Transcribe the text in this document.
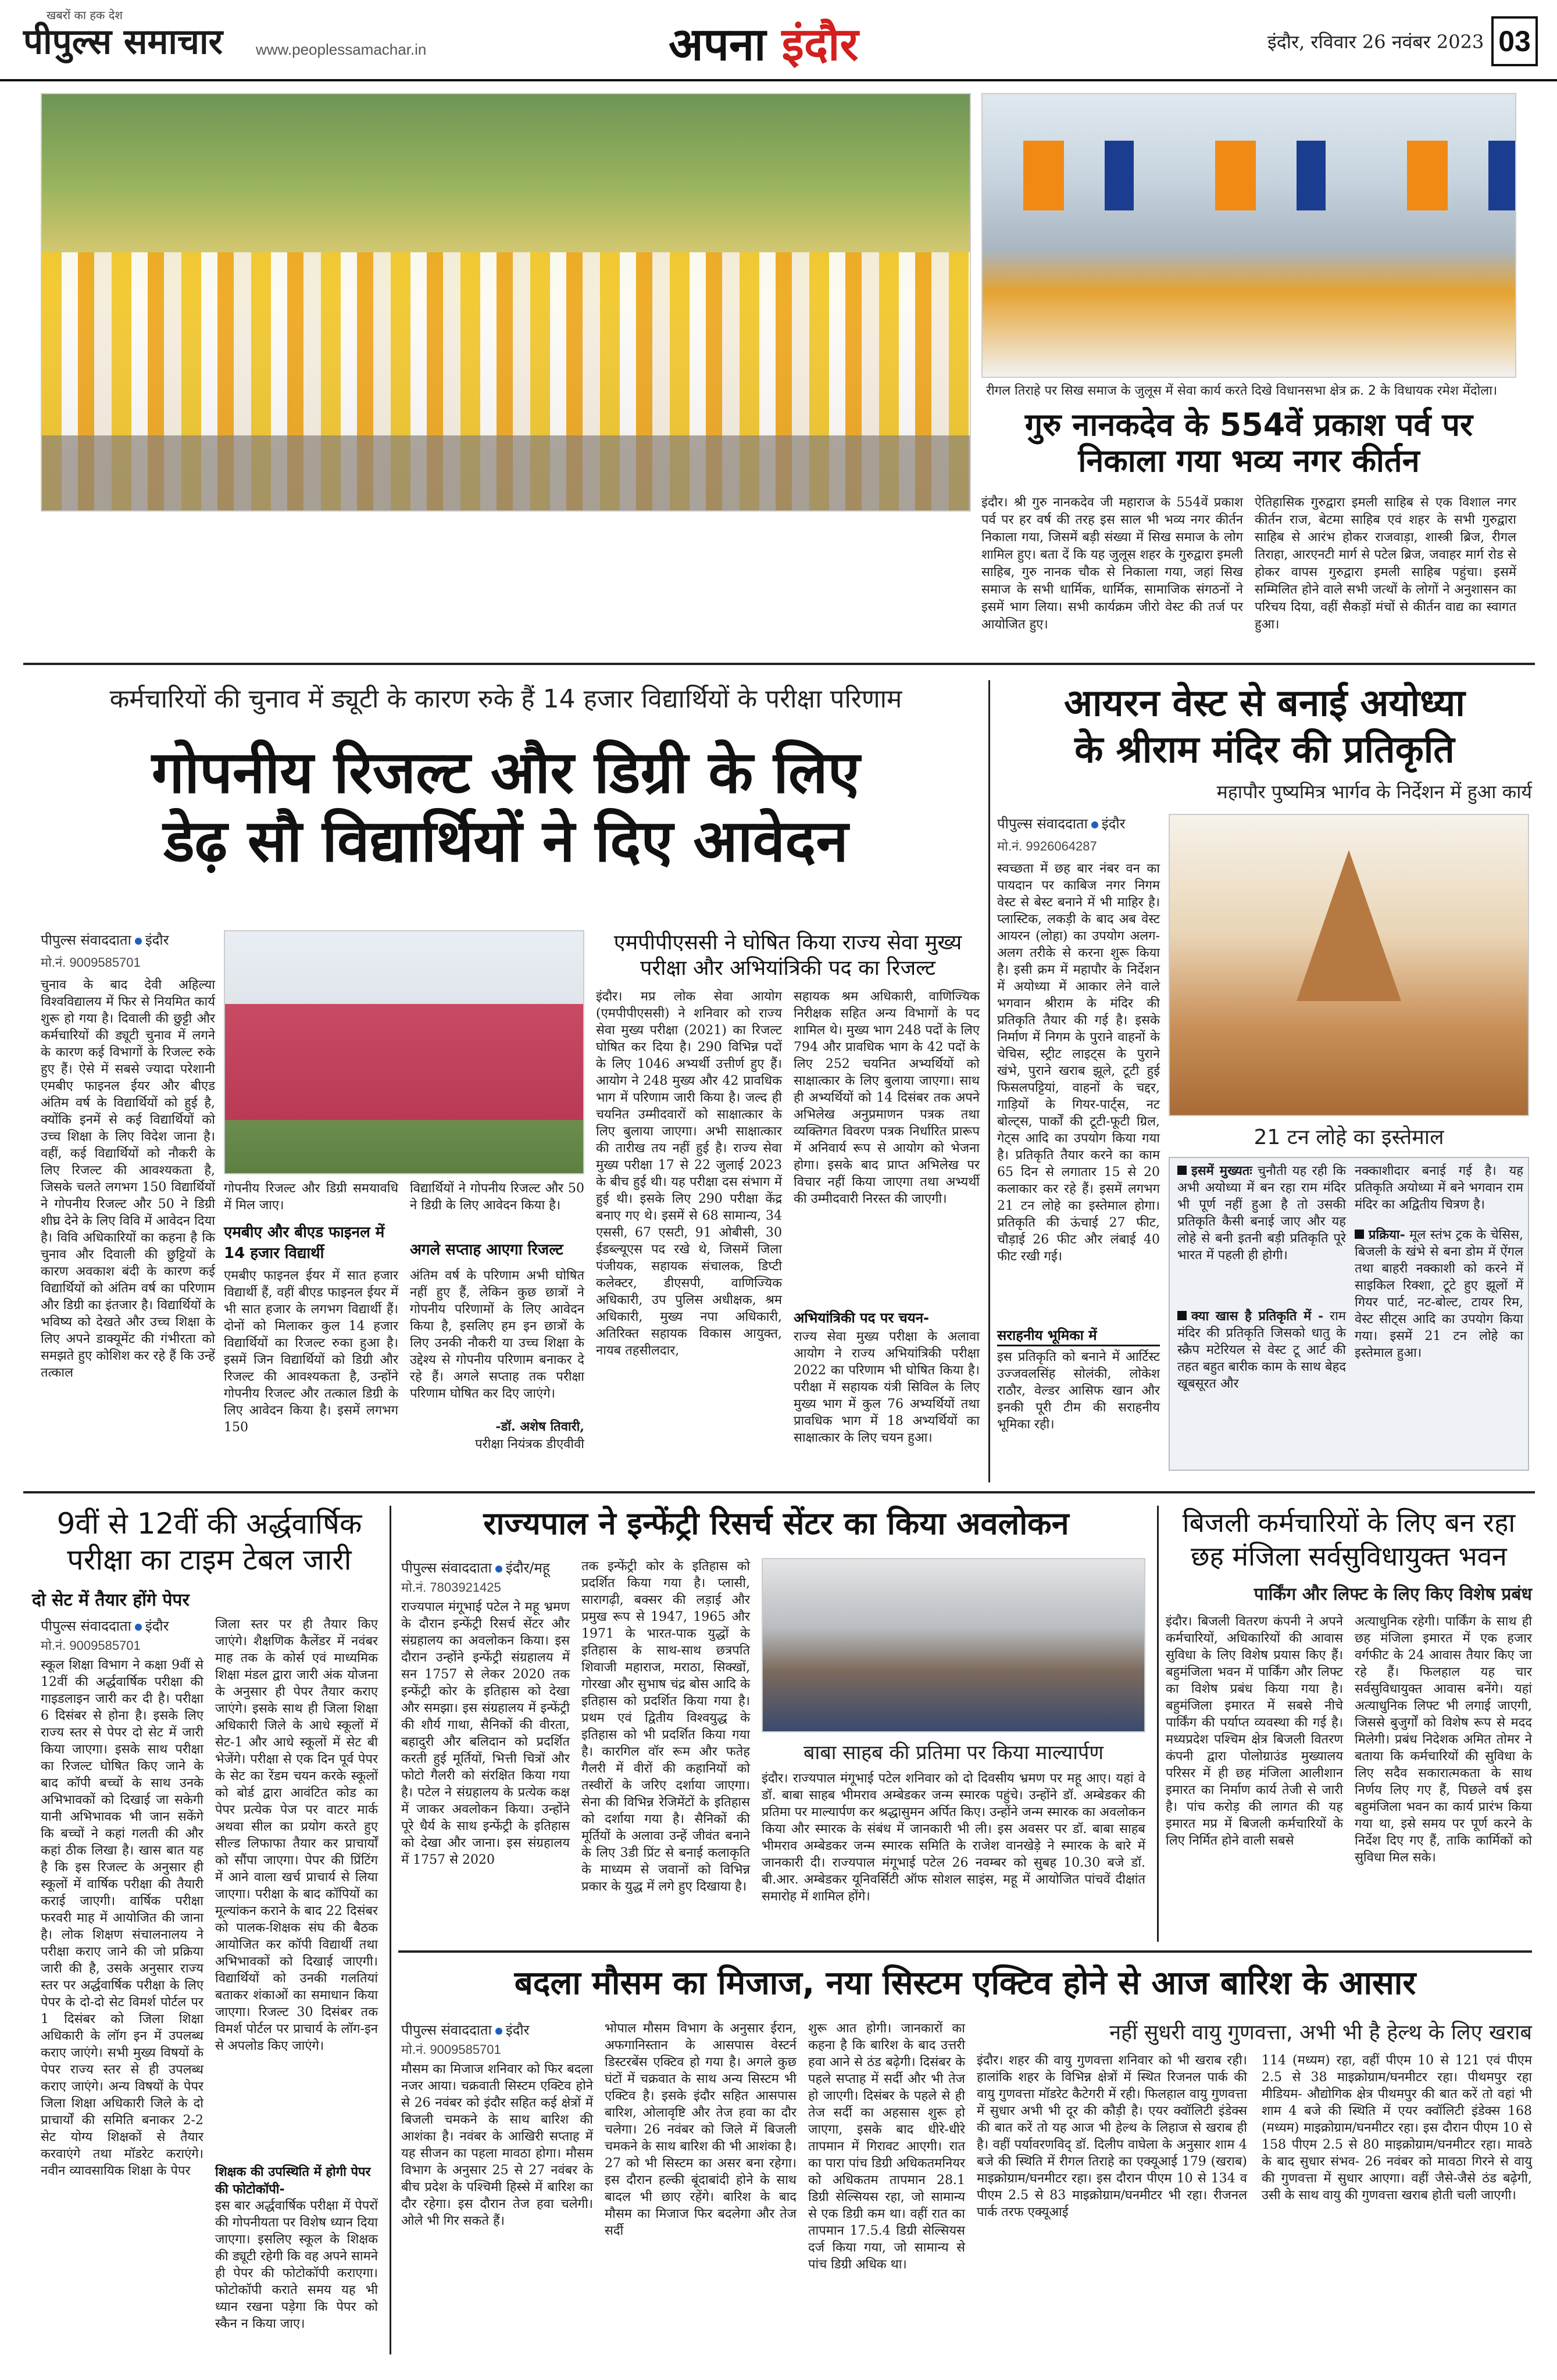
खबरों का हक देश
पीपुल्स समाचार www.peoplessamachar.in	अपना इंदौर	इंदौर, रविवार 26 नवंबर 2023 03
रीगल तिराहे पर सिख समाज के जुलूस में सेवा कार्य करते दिखे विधानसभा क्षेत्र क्र. 2 के विधायक रमेश मेंदोला।
गुरु नानकदेव के 554वें प्रकाश पर्व पर
निकाला गया भव्य नगर कीर्तन
इंदौर। श्री गुरु नानकदेव जी महाराज के 554वें प्रकाश पर्व पर हर वर्ष की तरह इस साल भी भव्य नगर कीर्तन निकाला गया, जिसमें बड़ी संख्या में सिख समाज के लोग शामिल हुए। बता दें कि यह जुलूस शहर के गुरुद्वारा इमली साहिब, गुरु नानक चौक से निकाला गया, जहां सिख समाज के सभी धार्मिक, धार्मिक, सामाजिक संगठनों ने इसमें भाग लिया। सभी कार्यक्रम जीरो वेस्ट की तर्ज पर आयोजित हुए।
ऐतिहासिक गुरुद्वारा इमली साहिब से एक विशाल नगर कीर्तन राज, बेटमा साहिब एवं शहर के सभी गुरुद्वारा साहिब से आरंभ होकर राजवाड़ा, शास्त्री ब्रिज, रीगल तिराहा, आरएनटी मार्ग से पटेल ब्रिज, जवाहर मार्ग रोड से होकर वापस गुरुद्वारा इमली साहिब पहुंचा। इसमें सम्मिलित होने वाले सभी जत्थों के लोगों ने अनुशासन का परिचय दिया, वहीं सैकड़ों मंचों से कीर्तन वाद्य का स्वागत हुआ।
कर्मचारियों की चुनाव में ड्यूटी के कारण रुके हैं 14 हजार विद्यार्थियों के परीक्षा परिणाम
गोपनीय रिजल्ट और डिग्री के लिए
डेढ़ सौ विद्यार्थियों ने दिए आवेदन
पीपुल्स संवाददाता इंदौर
मो.नं. 9009585701
चुनाव के बाद देवी अहिल्या विश्वविद्यालय में फिर से नियमित कार्य शुरू हो गया है। दिवाली की छुट्टी और कर्मचारियों की ड्यूटी चुनाव में लगने के कारण कई विभागों के रिजल्ट रुके हुए हैं। ऐसे में सबसे ज्यादा परेशानी एमबीए फाइनल ईयर और बीएड अंतिम वर्ष के विद्यार्थियों को हुई है, क्योंकि इनमें से कई विद्यार्थियों को उच्च शिक्षा के लिए विदेश जाना है। वहीं, कई विद्यार्थियों को नौकरी के लिए रिजल्ट की आवश्यकता है, जिसके चलते लगभग 150 विद्यार्थियों ने गोपनीय रिजल्ट और 50 ने डिग्री शीघ्र देने के लिए विवि में आवेदन दिया है। विवि अधिकारियों का कहना है कि चुनाव और दिवाली की छुट्टियों के कारण अवकाश बंदी के कारण कई विद्यार्थियों को अंतिम वर्ष का परिणाम और डिग्री का इंतजार है। विद्यार्थियों के भविष्य को देखते और उच्च शिक्षा के लिए अपने डाक्यूमेंट की गंभीरता को समझते हुए कोशिश कर रहे हैं कि उन्हें तत्काल
गोपनीय रिजल्ट और डिग्री समयावधि में मिल जाए।
एमबीए और बीएड फाइनल में 14 हजार विद्यार्थी
एमबीए फाइनल ईयर में सात हजार विद्यार्थी हैं, वहीं बीएड फाइनल ईयर में भी सात हजार के लगभग विद्यार्थी हैं। दोनों को मिलाकर कुल 14 हजार विद्यार्थियों का रिजल्ट रुका हुआ है। इसमें जिन विद्यार्थियों को डिग्री और रिजल्ट की आवश्यकता है, उन्होंने गोपनीय रिजल्ट और तत्काल डिग्री के लिए आवेदन किया है। इसमें लगभग 150
विद्यार्थियों ने गोपनीय रिजल्ट और 50 ने डिग्री के लिए आवेदन किया है।
अगले सप्ताह आएगा रिजल्ट
अंतिम वर्ष के परिणाम अभी घोषित नहीं हुए हैं, लेकिन कुछ छात्रों ने गोपनीय परिणामों के लिए आवेदन किया है, इसलिए हम इन छात्रों के लिए उनकी नौकरी या उच्च शिक्षा के उद्देश्य से गोपनीय परिणाम बनाकर दे रहे हैं। अगले सप्ताह तक परीक्षा परिणाम घोषित कर दिए जाएंगे।
-डॉ. अशेष तिवारी,
परीक्षा नियंत्रक डीएवीवी
एमपीपीएससी ने घोषित किया राज्य सेवा मुख्य
परीक्षा और अभियांत्रिकी पद का रिजल्ट
इंदौर। मप्र लोक सेवा आयोग (एमपीपीएससी) ने शनिवार को राज्य सेवा मुख्य परीक्षा (2021) का रिजल्ट घोषित कर दिया है। 290 विभिन्न पदों के लिए 1046 अभ्यर्थी उत्तीर्ण हुए हैं। आयोग ने 248 मुख्य और 42 प्रावधिक भाग में परिणाम जारी किया है। जल्द ही चयनित उम्मीदवारों को साक्षात्कार के लिए बुलाया जाएगा। अभी साक्षात्कार की तारीख तय नहीं हुई है। राज्य सेवा मुख्य परीक्षा 17 से 22 जुलाई 2023 के बीच हुई थी। यह परीक्षा दस संभाग में हुई थी। इसके लिए 290 परीक्षा केंद्र बनाए गए थे। इसमें से 68 सामान्य, 34 एससी, 67 एसटी, 91 ओबीसी, 30 ईडब्ल्यूएस पद रखे थे, जिसमें जिला पंजीयक, सहायक संचालक, डिप्टी कलेक्टर, डीएसपी, वाणिज्यिक अधिकारी, उप पुलिस अधीक्षक, श्रम अधिकारी, मुख्य नपा अधिकारी, अतिरिक्त सहायक विकास आयुक्त, नायब तहसीलदार,
सहायक श्रम अधिकारी, वाणिज्यिक निरीक्षक सहित अन्य विभागों के पद शामिल थे। मुख्य भाग 248 पदों के लिए 794 और प्रावधिक भाग के 42 पदों के लिए 252 चयनित अभ्यर्थियों को साक्षात्कार के लिए बुलाया जाएगा। साथ ही अभ्यर्थियों को 14 दिसंबर तक अपने अभिलेख अनुप्रमाणन पत्रक तथा व्यक्तिगत विवरण पत्रक निर्धारित प्रारूप में अनिवार्य रूप से आयोग को भेजना होगा। इसके बाद प्राप्त अभिलेख पर विचार नहीं किया जाएगा तथा अभ्यर्थी की उम्मीदवारी निरस्त की जाएगी।
अभियांत्रिकी पद पर चयन-
राज्य सेवा मुख्य परीक्षा के अलावा आयोग ने राज्य अभियांत्रिकी परीक्षा 2022 का परिणाम भी घोषित किया है। परीक्षा में सहायक यंत्री सिविल के लिए मुख्य भाग में कुल 76 अभ्यर्थियों तथा प्रावधिक भाग में 18 अभ्यर्थियों का साक्षात्कार के लिए चयन हुआ।
आयरन वेस्ट से बनाई अयोध्या
के श्रीराम मंदिर की प्रतिकृति
महापौर पुष्यमित्र भार्गव के निर्देशन में हुआ कार्य
पीपुल्स संवाददाता इंदौर
मो.नं. 9926064287
स्वच्छता में छह बार नंबर वन का पायदान पर काबिज नगर निगम वेस्ट से बेस्ट बनाने में भी माहिर है। प्लास्टिक, लकड़ी के बाद अब वेस्ट आयरन (लोहा) का उपयोग अलग-अलग तरीके से करना शुरू किया है। इसी क्रम में महापौर के निर्देशन में अयोध्या में आकार लेने वाले भगवान श्रीराम के मंदिर की प्रतिकृति तैयार की गई है। इसके निर्माण में निगम के पुराने वाहनों के चेचिस, स्ट्रीट लाइट्स के पुराने खंभे, पुराने खराब झूले, टूटी हुई फिसलपट्टियां, वाहनों के चद्दर, गाड़ियों के गियर-पार्ट्स, नट बोल्ट्स, पार्कों की टूटी-फूटी ग्रिल, गेट्स आदि का उपयोग किया गया है। प्रतिकृति तैयार करने का काम 65 दिन से लगातार 15 से 20 कलाकार कर रहे हैं। इसमें लगभग 21 टन लोहे का इस्तेमाल होगा। प्रतिकृति की ऊंचाई 27 फीट, चौड़ाई 26 फीट और लंबाई 40 फीट रखी गई।
सराहनीय भूमिका में
इस प्रतिकृति को बनाने में आर्टिस्ट उज्जवलसिंह सोलंकी, लोकेश राठौर, वेल्डर आसिफ खान और इनकी पूरी टीम की सराहनीय भूमिका रही।
21 टन लोहे का इस्तेमाल
इसमें मुख्यतः चुनौती यह रही कि अभी अयोध्या में बन रहा राम मंदिर भी पूर्ण नहीं हुआ है तो उसकी प्रतिकृति कैसी बनाई जाए और यह लोहे से बनी इतनी बड़ी प्रतिकृति पूरे भारत में पहली ही होगी।
क्या खास है प्रतिकृति में - राम मंदिर की प्रतिकृति जिसको धातु के स्क्रैप मटेरियल से वेस्ट टू आर्ट की तहत बहुत बारीक काम के साथ बेहद खूबसूरत और
नक्काशीदार बनाई गई है। यह प्रतिकृति अयोध्या में बने भगवान राम मंदिर का अद्वितीय चित्रण है।
प्रक्रिया- मूल स्तंभ ट्रक के चेसिस, बिजली के खंभे से बना डोम में ऐंगल तथा बाहरी नक्काशी को करने में साइकिल रिक्शा, टूटे हुए झूलों में गियर पार्ट, नट-बोल्ट, टायर रिम, वेस्ट सीट्स आदि का उपयोग किया गया। इसमें 21 टन लोहे का इस्तेमाल हुआ।
9वीं से 12वीं की अर्द्धवार्षिक
परीक्षा का टाइम टेबल जारी
दो सेट में तैयार होंगे पेपर
पीपुल्स संवाददाता इंदौर
मो.नं. 9009585701
स्कूल शिक्षा विभाग ने कक्षा 9वीं से 12वीं की अर्द्धवार्षिक परीक्षा की गाइडलाइन जारी कर दी है। परीक्षा 6 दिसंबर से होना है। इसके लिए राज्य स्तर से पेपर दो सेट में जारी किया जाएगा। इसके साथ परीक्षा का रिजल्ट घोषित किए जाने के बाद कॉपी बच्चों के साथ उनके अभिभावकों को दिखाई जा सकेगी यानी अभिभावक भी जान सकेंगे कि बच्चों ने कहां गलती की और कहां ठीक लिखा है। खास बात यह है कि इस रिजल्ट के अनुसार ही स्कूलों में वार्षिक परीक्षा की तैयारी कराई जाएगी। वार्षिक परीक्षा फरवरी माह में आयोजित की जाना है। लोक शिक्षण संचालनालय ने परीक्षा कराए जाने की जो प्रक्रिया जारी की है, उसके अनुसार राज्य स्तर पर अर्द्धवार्षिक परीक्षा के लिए पेपर के दो-दो सेट विमर्श पोर्टल पर 1 दिसंबर को जिला शिक्षा अधिकारी के लॉग इन में उपलब्ध कराए जाएंगे। सभी मुख्य विषयों के पेपर राज्य स्तर से ही उपलब्ध कराए जाएंगे। अन्य विषयों के पेपर जिला शिक्षा अधिकारी जिले के दो प्राचार्यों की समिति बनाकर 2-2 सेट योग्य शिक्षकों से तैयार करवाएंगे तथा मॉडरेट कराएंगे। नवीन व्यावसायिक शिक्षा के पेपर
जिला स्तर पर ही तैयार किए जाएंगे। शैक्षणिक कैलेंडर में नवंबर माह तक के कोर्स एवं माध्यमिक शिक्षा मंडल द्वारा जारी अंक योजना के अनुसार ही पेपर तैयार कराए जाएंगे। इसके साथ ही जिला शिक्षा अधिकारी जिले के आधे स्कूलों में सेट-1 और आधे स्कूलों में सेट बी भेजेंगे। परीक्षा से एक दिन पूर्व पेपर के सेट का रेंडम चयन करके स्कूलों को बोर्ड द्वारा आवंटित कोड का पेपर प्रत्येक पेज पर वाटर मार्क अथवा सील का प्रयोग करते हुए सील्ड लिफाफा तैयार कर प्राचार्यों को सौंपा जाएगा। पेपर की प्रिंटिंग में आने वाला खर्च प्राचार्य से लिया जाएगा। परीक्षा के बाद कॉपियों का मूल्यांकन कराने के बाद 22 दिसंबर को पालक-शिक्षक संघ की बैठक आयोजित कर कॉपी विद्यार्थी तथा अभिभावकों को दिखाई जाएगी। विद्यार्थियों को उनकी गलतियां बताकर शंकाओं का समाधान किया जाएगा। रिजल्ट 30 दिसंबर तक विमर्श पोर्टल पर प्राचार्य के लॉग-इन से अपलोड किए जाएंगे।
शिक्षक की उपस्थिति में होगी पेपर की फोटोकॉपी-
इस बार अर्द्धवार्षिक परीक्षा में पेपरों की गोपनीयता पर विशेष ध्यान दिया जाएगा। इसलिए स्कूल के शिक्षक की ड्यूटी रहेगी कि वह अपने सामने ही पेपर की फोटोकॉपी कराएगा। फोटोकॉपी कराते समय यह भी ध्यान रखना पड़ेगा कि पेपर को स्कैन न किया जाए।
राज्यपाल ने इन्फेंट्री रिसर्च सेंटर का किया अवलोकन
पीपुल्स संवाददाता इंदौर/महू
मो.नं. 7803921425
राज्यपाल मंगूभाई पटेल ने महू भ्रमण के दौरान इन्फेंट्री रिसर्च सेंटर और संग्रहालय का अवलोकन किया। इस दौरान उन्होंने इन्फेंट्री संग्रहालय में सन 1757 से लेकर 2020 तक इन्फेंट्री कोर के इतिहास को देखा और समझा। इस संग्रहालय में इन्फेंट्री की शौर्य गाथा, सैनिकों की वीरता, बहादुरी और बलिदान को प्रदर्शित करती हुई मूर्तियों, भित्ती चित्रों और फोटो गैलरी को संरक्षित किया गया है। पटेल ने संग्रहालय के प्रत्येक कक्ष में जाकर अवलोकन किया। उन्होंने पूरे धैर्य के साथ इन्फेंट्री के इतिहास को देखा और जाना। इस संग्रहालय में 1757 से 2020
तक इन्फेंट्री कोर के इतिहास को प्रदर्शित किया गया है। प्लासी, सारागढ़ी, बक्सर की लड़ाई और प्रमुख रूप से 1947, 1965 और 1971 के भारत-पाक युद्धों के इतिहास के साथ-साथ छत्रपति शिवाजी महाराज, मराठा, सिक्खों, गोरखा और सुभाष चंद्र बोस आदि के इतिहास को प्रदर्शित किया गया है। प्रथम एवं द्वितीय विश्वयुद्ध के इतिहास को भी प्रदर्शित किया गया है। कारगिल वॉर रूम और फतेह गैलरी में वीरों की कहानियों को तस्वीरों के जरिए दर्शाया जाएगा। सेना की विभिन्न रेजिमेंटों के इतिहास को दर्शाया गया है। सैनिकों की मूर्तियों के अलावा उन्हें जीवंत बनाने के लिए 3डी प्रिंट से बनाई कलाकृति के माध्यम से जवानों को विभिन्न प्रकार के युद्ध में लगे हुए दिखाया है।
बाबा साहब की प्रतिमा पर किया माल्यार्पण
इंदौर। राज्यपाल मंगूभाई पटेल शनिवार को दो दिवसीय भ्रमण पर महू आए। यहां वे डॉ. बाबा साहब भीमराव अम्बेडकर जन्म स्मारक पहुंचे। उन्होंने डॉ. अम्बेडकर की प्रतिमा पर माल्यार्पण कर श्रद्धासुमन अर्पित किए। उन्होंने जन्म स्मारक का अवलोकन किया और स्मारक के संबंध में जानकारी भी ली। इस अवसर पर डॉ. बाबा साहब भीमराव अम्बेडकर जन्म स्मारक समिति के राजेश वानखेड़े ने स्मारक के बारे में जानकारी दी। राज्यपाल मंगूभाई पटेल 26 नवम्बर को सुबह 10.30 बजे डॉ. बी.आर. अम्बेडकर यूनिवर्सिटी ऑफ सोशल साइंस, महू में आयोजित पांचवें दीक्षांत समारोह में शामिल होंगे।
बिजली कर्मचारियों के लिए बन रहा
छह मंजिला सर्वसुविधायुक्त भवन
पार्किंग और लिफ्ट के लिए किए विशेष प्रबंध
इंदौर। बिजली वितरण कंपनी ने अपने कर्मचारियों, अधिकारियों की आवास सुविधा के लिए विशेष प्रयास किए हैं। बहुमंजिला भवन में पार्किंग और लिफ्ट का विशेष प्रबंध किया गया है। बहुमंजिला इमारत में सबसे नीचे पार्किंग की पर्याप्त व्यवस्था की गई है। मध्यप्रदेश पश्चिम क्षेत्र बिजली वितरण कंपनी द्वारा पोलोग्राउंड मुख्यालय परिसर में ही छह मंजिला आलीशान इमारत का निर्माण कार्य तेजी से जारी है। पांच करोड़ की लागत की यह इमारत मप्र में बिजली कर्मचारियों के लिए निर्मित होने वाली सबसे
अत्याधुनिक रहेगी। पार्किंग के साथ ही छह मंजिला इमारत में एक हजार वर्गफीट के 24 आवास तैयार किए जा रहे हैं। फिलहाल यह चार सर्वसुविधायुक्त आवास बनेंगे। यहां अत्याधुनिक लिफ्ट भी लगाई जाएगी, जिससे बुजुर्गों को विशेष रूप से मदद मिलेगी। प्रबंध निदेशक अमित तोमर ने बताया कि कर्मचारियों की सुविधा के लिए सदैव सकारात्मकता के साथ निर्णय लिए गए हैं, पिछले वर्ष इस बहुमंजिला भवन का कार्य प्रारंभ किया गया था, इसे समय पर पूर्ण करने के निर्देश दिए गए हैं, ताकि कार्मिकों को सुविधा मिल सके।
बदला मौसम का मिजाज, नया सिस्टम एक्टिव होने से आज बारिश के आसार
पीपुल्स संवाददाता इंदौर
मो.नं. 9009585701
मौसम का मिजाज शनिवार को फिर बदला नजर आया। चक्रवाती सिस्टम एक्टिव होने से 26 नवंबर को इंदौर सहित कई क्षेत्रों में बिजली चमकने के साथ बारिश की आशंका है। नवंबर के आखिरी सप्ताह में यह सीजन का पहला मावठा होगा। मौसम विभाग के अनुसार 25 से 27 नवंबर के बीच प्रदेश के पश्चिमी हिस्से में बारिश का दौर रहेगा। इस दौरान तेज हवा चलेगी। ओले भी गिर सकते हैं।
भोपाल मौसम विभाग के अनुसार ईरान, अफगानिस्तान के आसपास वेस्टर्न डिस्टरबेंस एक्टिव हो गया है। अगले कुछ घंटों में चक्रवात के साथ अन्य सिस्टम भी एक्टिव है। इसके इंदौर सहित आसपास बारिश, ओलावृष्टि और तेज हवा का दौर चलेगा। 26 नवंबर को जिले में बिजली चमकने के साथ बारिश की भी आशंका है। 27 को भी सिस्टम का असर बना रहेगा। इस दौरान हल्की बूंदाबांदी होने के साथ बादल भी छाए रहेंगे। बारिश के बाद मौसम का मिजाज फिर बदलेगा और तेज सर्दी
शुरू आत होगी। जानकारों का कहना है कि बारिश के बाद उत्तरी हवा आने से ठंड बढ़ेगी। दिसंबर के पहले सप्ताह में सर्दी और भी तेज हो जाएगी। दिसंबर के पहले से ही तेज सर्दी का अहसास शुरू हो जाएगा, इसके बाद धीरे-धीरे तापमान में गिरावट आएगी। रात का पारा पांच डिग्री अधिकतमनियर को अधिकतम तापमान 28.1 डिग्री सेल्सियस रहा, जो सामान्य से एक डिग्री कम था। वहीं रात का तापमान 17.5.4 डिग्री सेल्सियस दर्ज किया गया, जो सामान्य से पांच डिग्री अधिक था।
नहीं सुधरी वायु गुणवत्ता, अभी भी है हेल्थ के लिए खराब
इंदौर। शहर की वायु गुणवत्ता शनिवार को भी खराब रही। हालांकि शहर के विभिन्न क्षेत्रों में स्थित रिजनल पार्क की वायु गुणवत्ता मॉडरेट कैटेगरी में रही। फिलहाल वायु गुणवत्ता में सुधार अभी भी दूर की कौड़ी है। एयर क्वॉलिटी इंडेक्स की बात करें तो यह आज भी हेल्थ के लिहाज से खराब ही है। वहीं पर्यावरणविद् डॉ. दिलीप वाघेला के अनुसार शाम 4 बजे की स्थिति में रीगल तिराहे का एक्यूआई 179 (खराब) माइक्रोग्राम/घनमीटर रहा। इस दौरान पीएम 10 से 134 व पीएम 2.5 से 83 माइक्रोग्राम/घनमीटर भी रहा। रीजनल पार्क तरफ एक्यूआई
114 (मध्यम) रहा, वहीं पीएम 10 से 121 एवं पीएम 2.5 से 38 माइक्रोग्राम/घनमीटर रहा। पीथमपुर रहा मीडियम- औद्योगिक क्षेत्र पीथमपुर की बात करें तो वहां भी शाम 4 बजे की स्थिति में एयर क्वॉलिटी इंडेक्स 168 (मध्यम) माइक्रोग्राम/घनमीटर रहा। इस दौरान पीएम 10 से 158 पीएम 2.5 से 80 माइक्रोग्राम/घनमीटर रहा। मावठे के बाद सुधार संभव- 26 नवंबर को मावठा गिरने से वायु की गुणवत्ता में सुधार आएगा। वहीं जैसे-जैसे ठंड बढ़ेगी, उसी के साथ वायु की गुणवत्ता खराब होती चली जाएगी।
